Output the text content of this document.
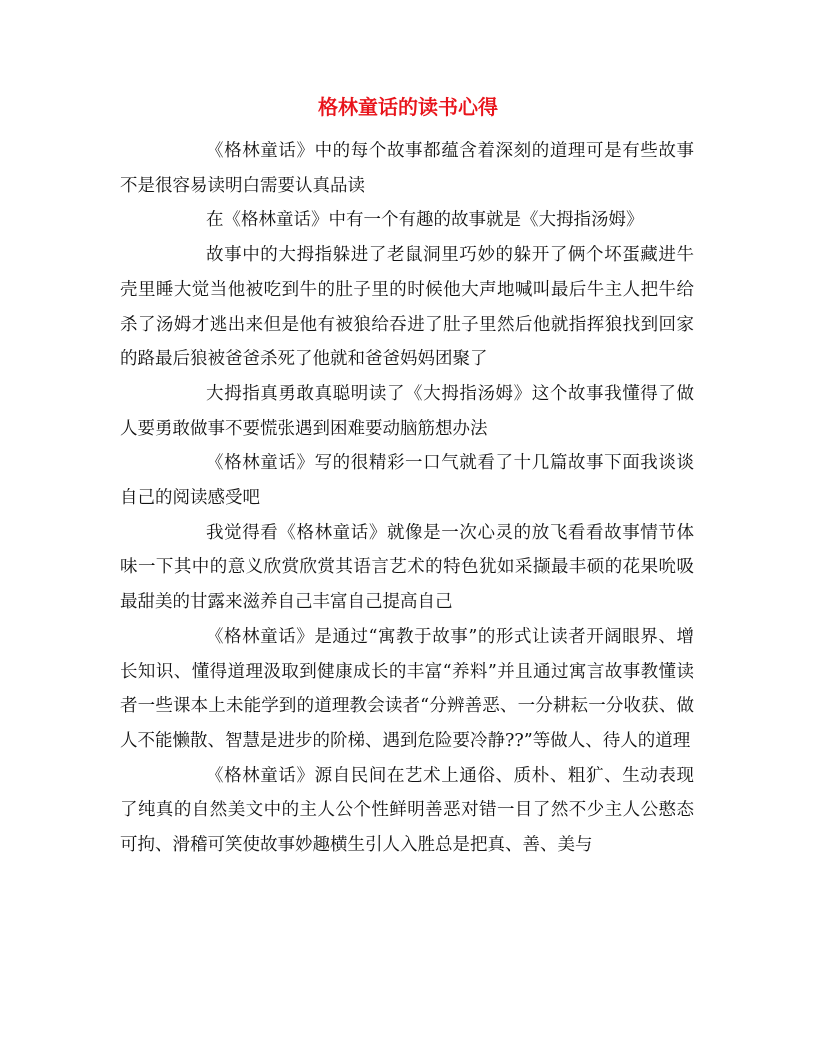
格林童话的读书心得

《格林童话》中的每个故事都蕴含着深刻的道理可是有些故事不是很容易读明白需要认真品读

在《格林童话》中有一个有趣的故事就是《大拇指汤姆》

故事中的大拇指躲进了老鼠洞里巧妙的躲开了俩个坏蛋藏进牛壳里睡大觉当他被吃到牛的肚子里的时候他大声地喊叫最后牛主人把牛给杀了汤姆才逃出来但是他有被狼给吞进了肚子里然后他就指挥狼找到回家的路最后狼被爸爸杀死了他就和爸爸妈妈团聚了

大拇指真勇敢真聪明读了《大拇指汤姆》这个故事我懂得了做人要勇敢做事不要慌张遇到困难要动脑筋想办法

《格林童话》写的很精彩一口气就看了十几篇故事下面我谈谈自己的阅读感受吧

我觉得看《格林童话》就像是一次心灵的放飞看看故事情节体味一下其中的意义欣赏欣赏其语言艺术的特色犹如采撷最丰硕的花果吮吸最甜美的甘露来滋养自己丰富自己提高自己

《格林童话》是通过“寓教于故事”的形式让读者开阔眼界、增长知识、懂得道理汲取到健康成长的丰富“养料”并且通过寓言故事教懂读者一些课本上未能学到的道理教会读者“分辨善恶、一分耕耘一分收获、做人不能懒散、智慧是进步的阶梯、遇到危险要冷静??”等做人、待人的道理

《格林童话》源自民间在艺术上通俗、质朴、粗犷、生动表现了纯真的自然美文中的主人公个性鲜明善恶对错一目了然不少主人公憨态可拘、滑稽可笑使故事妙趣横生引人入胜总是把真、善、美与
